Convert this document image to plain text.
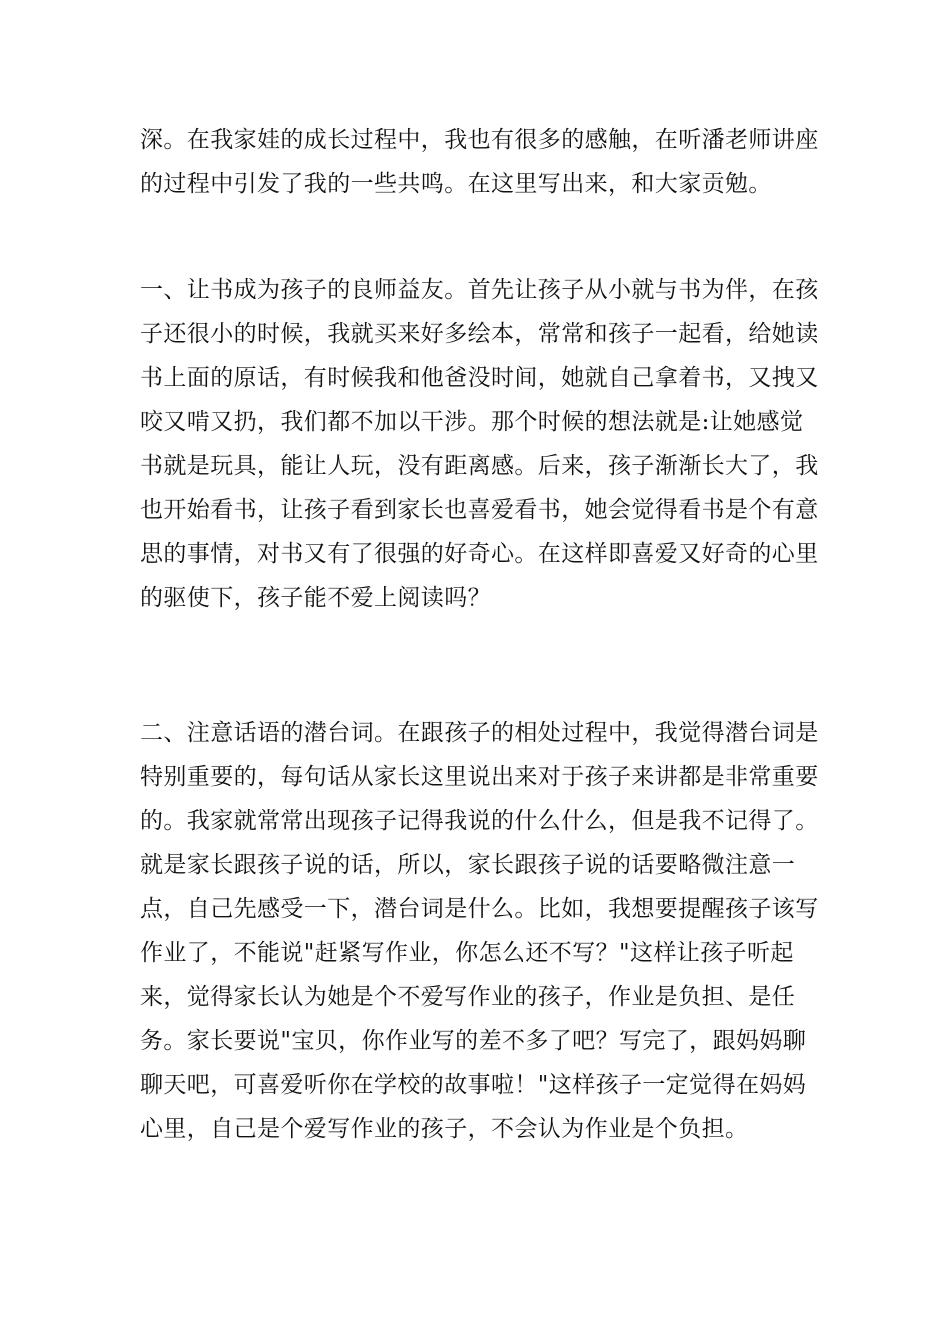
深。在我家娃的成长过程中，我也有很多的感触，在听潘老师讲座
的过程中引发了我的一些共鸣。在这里写出来，和大家贡勉。
一、让书成为孩子的良师益友。首先让孩子从小就与书为伴，在孩
子还很小的时候，我就买来好多绘本，常常和孩子一起看，给她读
书上面的原话，有时候我和他爸没时间，她就自己拿着书，又拽又
咬又啃又扔，我们都不加以干涉。那个时候的想法就是:让她感觉
书就是玩具，能让人玩，没有距离感。后来，孩子渐渐长大了，我
也开始看书，让孩子看到家长也喜爱看书，她会觉得看书是个有意
思的事情，对书又有了很强的好奇心。在这样即喜爱又好奇的心里
的驱使下，孩子能不爱上阅读吗？
二、注意话语的潜台词。在跟孩子的相处过程中，我觉得潜台词是
特别重要的，每句话从家长这里说出来对于孩子来讲都是非常重要
的。我家就常常出现孩子记得我说的什么什么，但是我不记得了。
就是家长跟孩子说的话，所以，家长跟孩子说的话要略微注意一
点，自己先感受一下，潜台词是什么。比如，我想要提醒孩子该写
作业了，不能说"赶紧写作业，你怎么还不写？"这样让孩子听起
来，觉得家长认为她是个不爱写作业的孩子，作业是负担、是任
务。家长要说"宝贝，你作业写的差不多了吧？写完了，跟妈妈聊
聊天吧，可喜爱听你在学校的故事啦！"这样孩子一定觉得在妈妈
心里，自己是个爱写作业的孩子，不会认为作业是个负担。
